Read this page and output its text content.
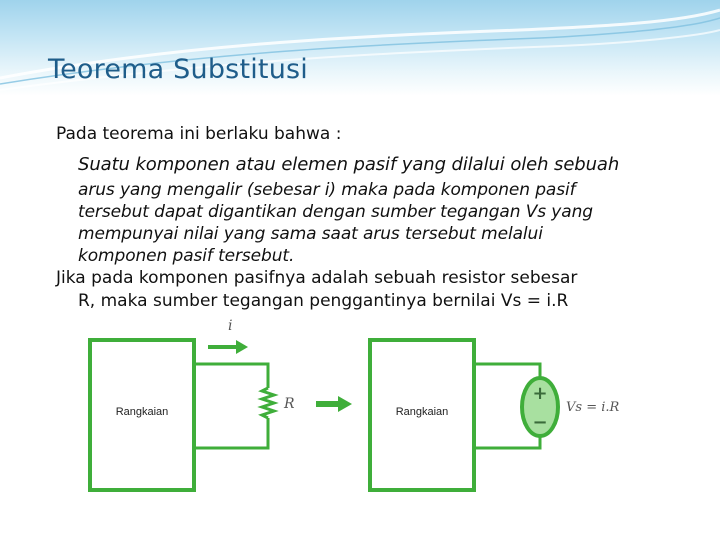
Teorema Substitusi

Pada teorema ini berlaku bahwa :

Suatu komponen atau elemen pasif yang dilalui oleh sebuah

arus yang mengalir (sebesar i) maka pada komponen pasif

tersebut dapat digantikan dengan sumber tegangan Vs yang

mempunyai nilai yang sama saat arus tersebut melalui

komponen pasif tersebut.

Jika pada komponen pasifnya adalah sebuah resistor sebesar

R, maka sumber tegangan penggantinya bernilai Vs = i.R

Rangkaian	R
i
Rangkaian
+
−
Vs = i.R
